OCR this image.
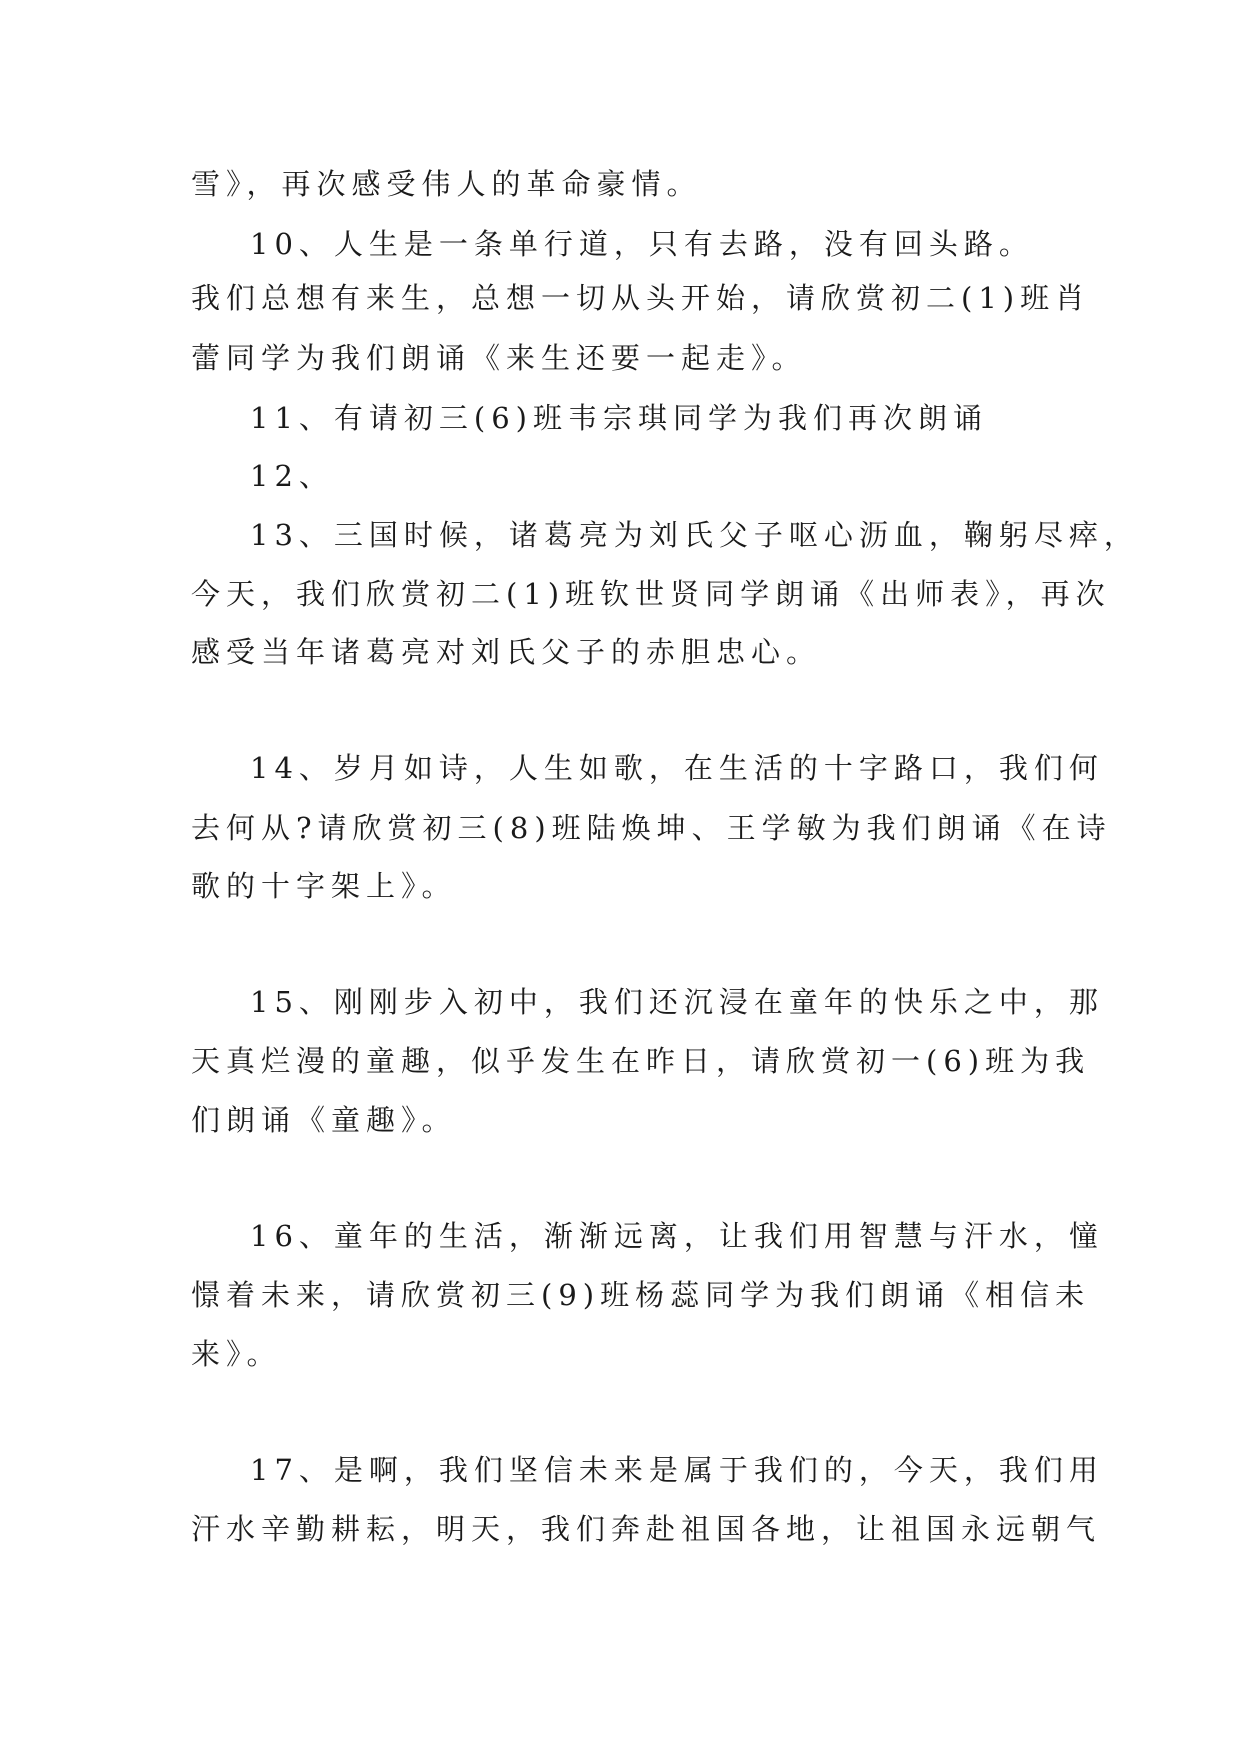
雪》，再次感受伟人的革命豪情。
10、人生是一条单行道，只有去路，没有回头路。
我们总想有来生，总想一切从头开始，请欣赏初二(1)班肖
蕾同学为我们朗诵《来生还要一起走》。
11、有请初三(6)班韦宗琪同学为我们再次朗诵
12、
13、三国时候，诸葛亮为刘氏父子呕心沥血，鞠躬尽瘁，
今天，我们欣赏初二(1)班钦世贤同学朗诵《出师表》，再次
感受当年诸葛亮对刘氏父子的赤胆忠心。
14、岁月如诗，人生如歌，在生活的十字路口，我们何
去何从?请欣赏初三(8)班陆焕坤、王学敏为我们朗诵《在诗
歌的十字架上》。
15、刚刚步入初中，我们还沉浸在童年的快乐之中，那
天真烂漫的童趣，似乎发生在昨日，请欣赏初一(6)班为我
们朗诵《童趣》。
16、童年的生活，渐渐远离，让我们用智慧与汗水，憧
憬着未来，请欣赏初三(9)班杨蕊同学为我们朗诵《相信未
来》。
17、是啊，我们坚信未来是属于我们的，今天，我们用
汗水辛勤耕耘，明天，我们奔赴祖国各地，让祖国永远朝气
